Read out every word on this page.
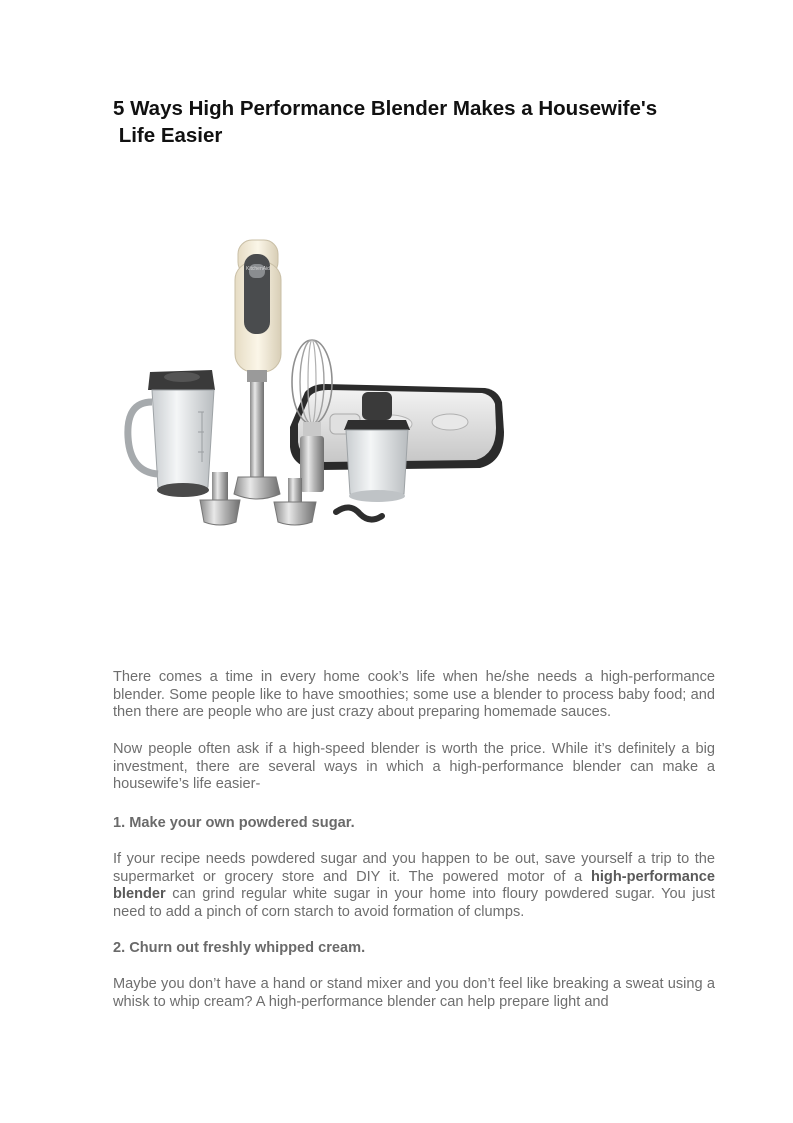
5 Ways High Performance Blender Makes a Housewife's
Life Easier
KitchenAid

There comes a time in every home cook’s life when he/she needs a high-performance blender. Some people like to have smoothies; some use a blender to process baby food; and then there are people who are just crazy about preparing homemade sauces.

Now people often ask if a high-speed blender is worth the price. While it’s definitely a big investment, there are several ways in which a high-performance blender can make a housewife’s life easier-

1. Make your own powdered sugar.

If your recipe needs powdered sugar and you happen to be out, save yourself a trip to the supermarket or grocery store and DIY it. The powered motor of a high-performance blender can grind regular white sugar in your home into floury powdered sugar. You just need to add a pinch of corn starch to avoid formation of clumps.

2. Churn out freshly whipped cream.

Maybe you don’t have a hand or stand mixer and you don’t feel like breaking a sweat using a whisk to whip cream? A high-performance blender can help prepare light and
